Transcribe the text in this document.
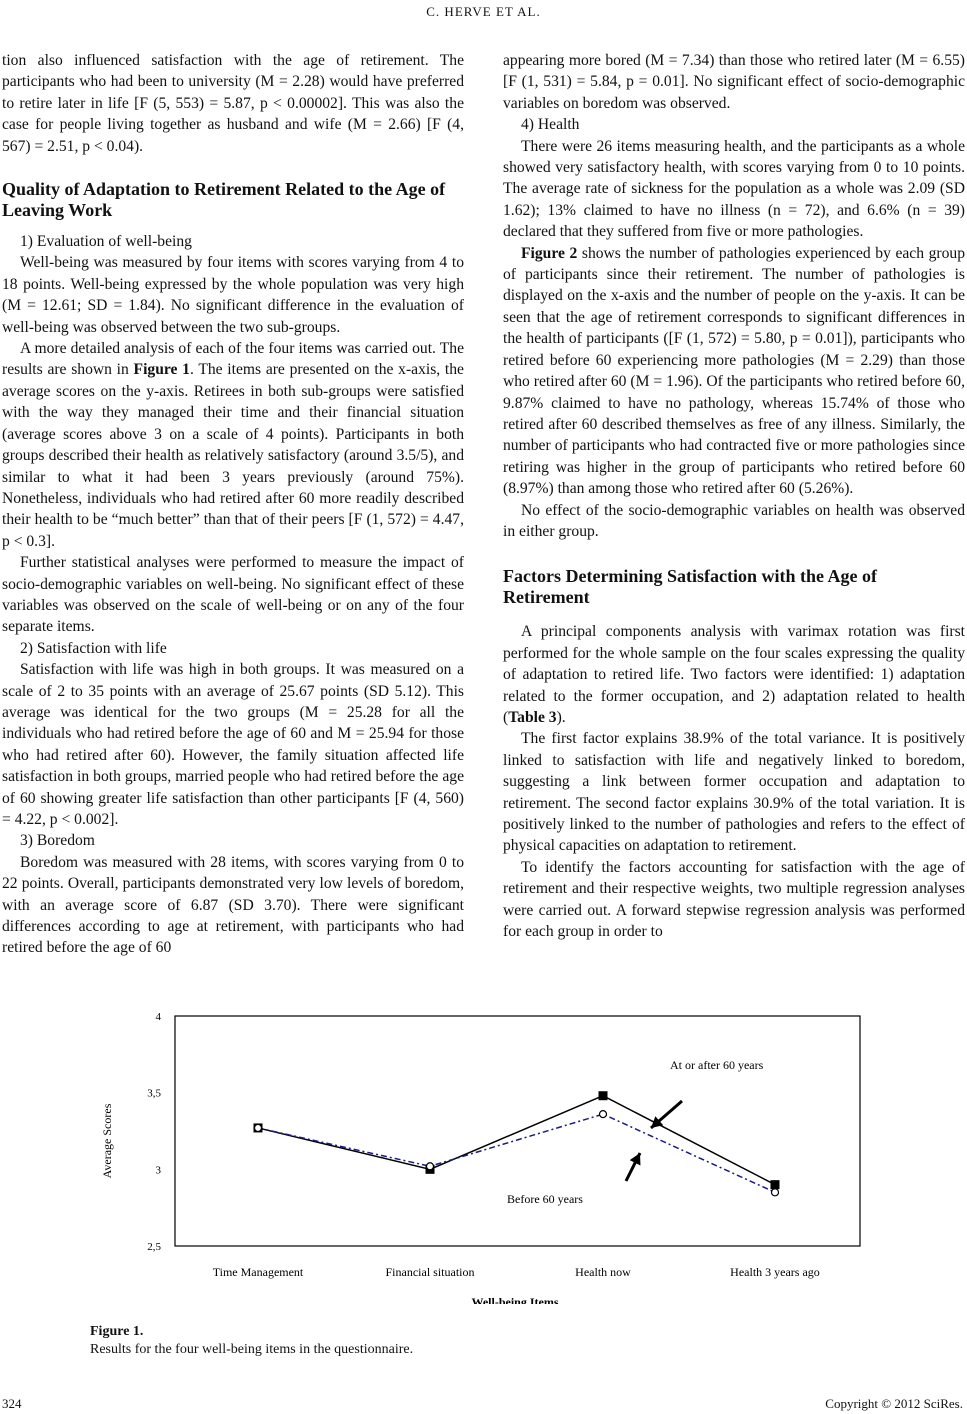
C. HERVE ET AL.

tion also influenced satisfaction with the age of retirement. The participants who had been to university (M = 2.28) would have preferred to retire later in life [F (5, 553) = 5.87, p < 0.00002]. This was also the case for people living together as husband and wife (M = 2.66) [F (4, 567) = 2.51, p < 0.04).

Quality of Adaptation to Retirement Related to the Age of Leaving Work

1) Evaluation of well-being

Well-being was measured by four items with scores varying from 4 to 18 points. Well-being expressed by the whole population was very high (M = 12.61; SD = 1.84). No significant difference in the evaluation of well-being was observed between the two sub-groups.

A more detailed analysis of each of the four items was carried out. The results are shown in Figure 1. The items are presented on the x-axis, the average scores on the y-axis. Retirees in both sub-groups were satisfied with the way they managed their time and their financial situation (average scores above 3 on a scale of 4 points). Participants in both groups described their health as relatively satisfactory (around 3.5/5), and similar to what it had been 3 years previously (around 75%). Nonetheless, individuals who had retired after 60 more readily described their health to be “much better” than that of their peers [F (1, 572) = 4.47, p < 0.3].

Further statistical analyses were performed to measure the impact of socio-demographic variables on well-being. No significant effect of these variables was observed on the scale of well-being or on any of the four separate items.

2) Satisfaction with life

Satisfaction with life was high in both groups. It was measured on a scale of 2 to 35 points with an average of 25.67 points (SD 5.12). This average was identical for the two groups (M = 25.28 for all the individuals who had retired before the age of 60 and M = 25.94 for those who had retired after 60). However, the family situation affected life satisfaction in both groups, married people who had retired before the age of 60 showing greater life satisfaction than other participants [F (4, 560) = 4.22, p < 0.002].

3) Boredom

Boredom was measured with 28 items, with scores varying from 0 to 22 points. Overall, participants demonstrated very low levels of boredom, with an average score of 6.87 (SD 3.70). There were significant differences according to age at retirement, with participants who had retired before the age of 60

appearing more bored (M = 7.34) than those who retired later (M = 6.55) [F (1, 531) = 5.84, p = 0.01]. No significant effect of socio-demographic variables on boredom was observed.

4) Health

There were 26 items measuring health, and the participants as a whole showed very satisfactory health, with scores varying from 0 to 10 points. The average rate of sickness for the population as a whole was 2.09 (SD 1.62); 13% claimed to have no illness (n = 72), and 6.6% (n = 39) declared that they suffered from five or more pathologies.

Figure 2 shows the number of pathologies experienced by each group of participants since their retirement. The number of pathologies is displayed on the x-axis and the number of people on the y-axis. It can be seen that the age of retirement corresponds to significant differences in the health of participants ([F (1, 572) = 5.80, p = 0.01]), participants who retired before 60 experiencing more pathologies (M = 2.29) than those who retired after 60 (M = 1.96). Of the participants who retired before 60, 9.87% claimed to have no pathology, whereas 15.74% of those who retired after 60 described themselves as free of any illness. Similarly, the number of participants who had contracted five or more pathologies since retiring was higher in the group of participants who retired before 60 (8.97%) than among those who retired after 60 (5.26%).

No effect of the socio-demographic variables on health was observed in either group.

Factors Determining Satisfaction with the Age of Retirement

A principal components analysis with varimax rotation was first performed for the whole sample on the four scales expressing the quality of adaptation to retired life. Two factors were identified: 1) adaptation related to the former occupation, and 2) adaptation related to health (Table 3).

The first factor explains 38.9% of the total variance. It is positively linked to satisfaction with life and negatively linked to boredom, suggesting a link between former occupation and adaptation to retirement. The second factor explains 30.9% of the total variation. It is positively linked to the number of pathologies and refers to the effect of physical capacities on adaptation to retirement.

To identify the factors accounting for satisfaction with the age of retirement and their respective weights, two multiple regression analyses were carried out. A forward stepwise regression analysis was performed for each group in order to

2,5
3
3,5
4
Time Management	Financial situation	Health now	Health 3 years ago
Well-being Items
Average Scores
At or after 60 years
Before 60 years
Figure 1.
Results for the four well-being items in the questionnaire.
324	Copyright © 2012 SciRes.
